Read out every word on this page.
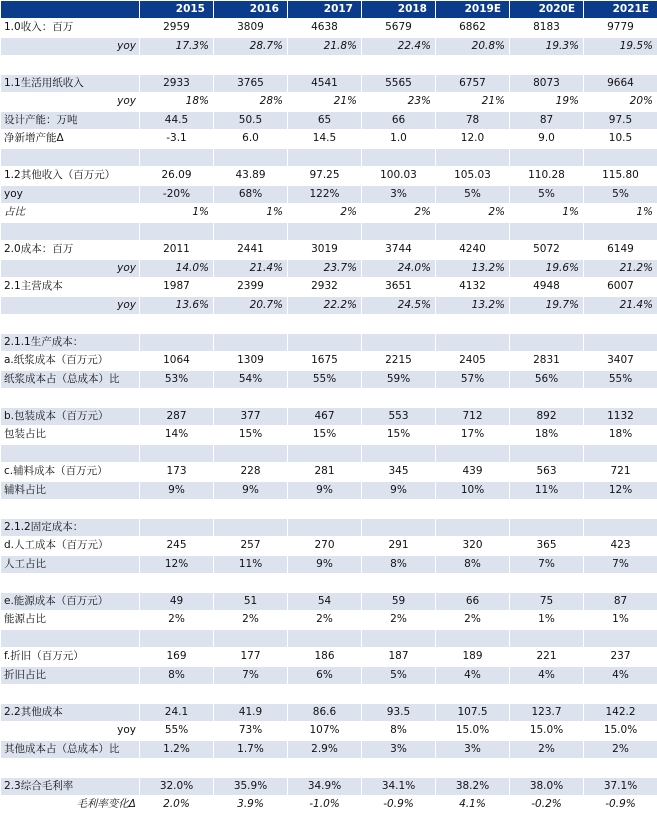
	2015	2016	2017	2018	2019E	2020E	2021E
1.0收入：百万	2959	3809	4638	5679	6862	8183	9779
yoy	17.3%	28.7%	21.8%	22.4%	20.8%	19.3%	19.5%

1.1生活用纸收入	2933	3765	4541	5565	6757	8073	9664
yoy	18%	28%	21%	23%	21%	19%	20%
设计产能：万吨	44.5	50.5	65	66	78	87	97.5
净新增产能Δ	-3.1	6.0	14.5	1.0	12.0	9.0	10.5

1.2其他收入（百万元）	26.09	43.89	97.25	100.03	105.03	110.28	115.80
yoy	-20%	68%	122%	3%	5%	5%	5%
占比	1%	1%	2%	2%	2%	1%	1%

2.0成本：百万	2011	2441	3019	3744	4240	5072	6149
yoy	14.0%	21.4%	23.7%	24.0%	13.2%	19.6%	21.2%
2.1主营成本	1987	2399	2932	3651	4132	4948	6007
yoy	13.6%	20.7%	22.2%	24.5%	13.2%	19.7%	21.4%

2.1.1生产成本：							
a.纸浆成本（百万元）	1064	1309	1675	2215	2405	2831	3407
纸浆成本占（总成本）比	53%	54%	55%	59%	57%	56%	55%

b.包装成本（百万元）	287	377	467	553	712	892	1132
包装占比	14%	15%	15%	15%	17%	18%	18%

c.辅料成本（百万元）	173	228	281	345	439	563	721
辅料占比	9%	9%	9%	9%	10%	11%	12%

2.1.2固定成本：							
d.人工成本（百万元）	245	257	270	291	320	365	423
人工占比	12%	11%	9%	8%	8%	7%	7%

e.能源成本（百万元）	49	51	54	59	66	75	87
能源占比	2%	2%	2%	2%	2%	1%	1%

f.折旧（百万元）	169	177	186	187	189	221	237
折旧占比	8%	7%	6%	5%	4%	4%	4%

2.2其他成本	24.1	41.9	86.6	93.5	107.5	123.7	142.2
yoy	55%	73%	107%	8%	15.0%	15.0%	15.0%
其他成本占（总成本）比	1.2%	1.7%	2.9%	3%	3%	2%	2%

2.3综合毛利率	32.0%	35.9%	34.9%	34.1%	38.2%	38.0%	37.1%
毛利率变化Δ	2.0%	3.9%	-1.0%	-0.9%	4.1%	-0.2%	-0.9%
